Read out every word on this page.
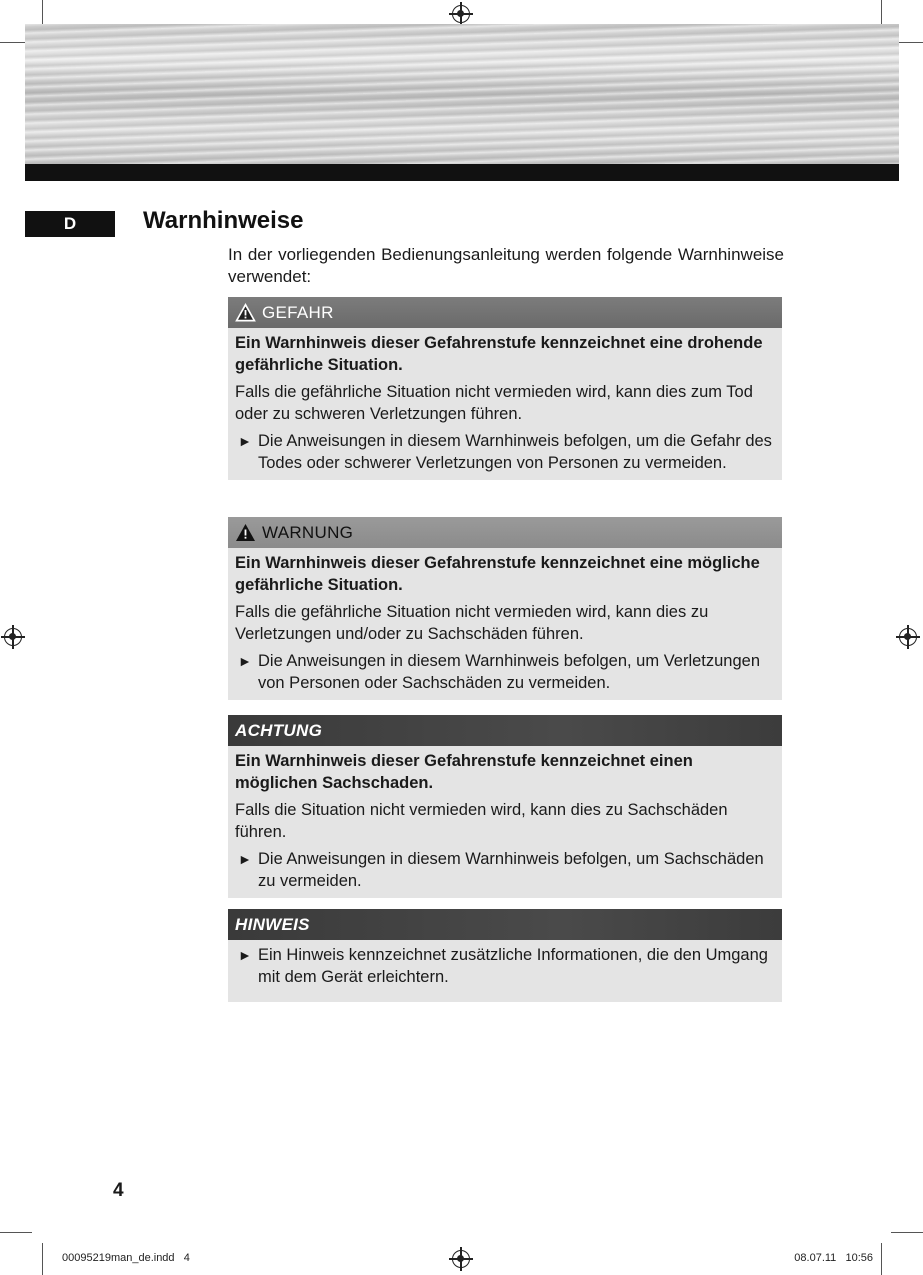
D	Warnhinweise

In der vorliegenden Bedienungsanleitung werden folgende Warnhinweise verwendet:

GEFAHR

Ein Warnhinweis dieser Gefahrenstufe kennzeichnet eine drohende gefährliche Situation.

Falls die gefährliche Situation nicht vermieden wird, kann dies zum Tod oder zu schweren Verletzungen führen.

► Die Anweisungen in diesem Warnhinweis befolgen, um die Gefahr des Todes oder schwerer Verletzungen von Personen zu vermeiden.

WARNUNG

Ein Warnhinweis dieser Gefahrenstufe kennzeichnet eine mögliche gefährliche Situation.

Falls die gefährliche Situation nicht vermieden wird, kann dies zu Verletzungen und/oder zu Sachschäden führen.

► Die Anweisungen in diesem Warnhinweis befolgen, um Verletzungen von Personen oder Sachschäden zu vermeiden.

ACHTUNG

Ein Warnhinweis dieser Gefahrenstufe kennzeichnet einen möglichen Sachschaden.

Falls die Situation nicht vermieden wird, kann dies zu Sachschäden führen.

► Die Anweisungen in diesem Warnhinweis befolgen, um Sachschäden zu vermeiden.

HINWEIS

► Ein Hinweis kennzeichnet zusätzliche Informationen, die den Umgang mit dem Gerät erleichtern.

4
00095219man_de.indd   4	08.07.11   10:56
